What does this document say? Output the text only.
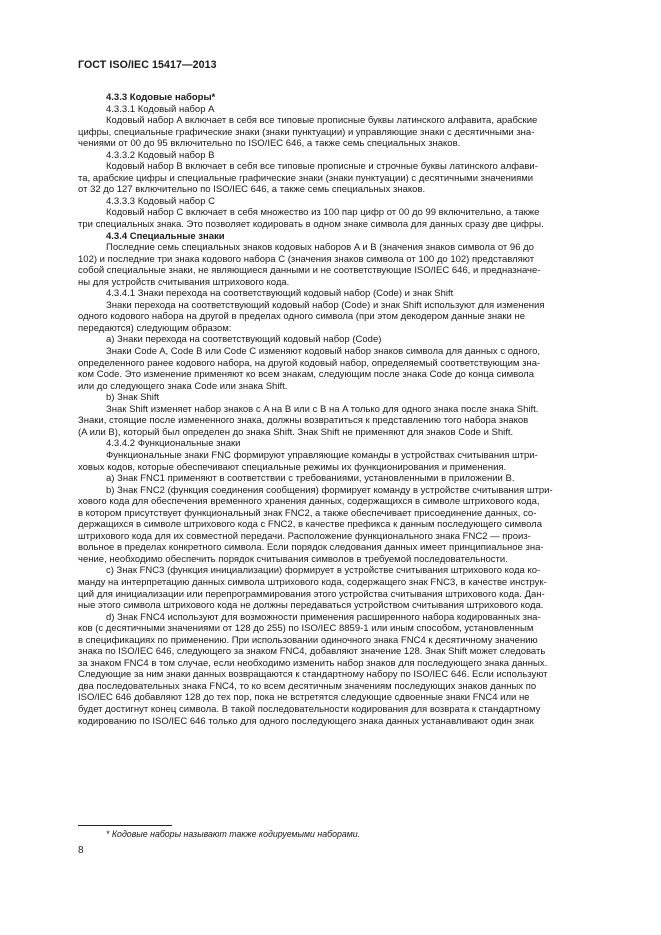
ГОСТ ISO/IEC 15417—2013

4.3.3 Кодовые наборы*

4.3.3.1 Кодовый набор A

Кодовый набор A включает в себя все типовые прописные буквы латинского алфавита, арабские

цифры, специальные графические знаки (знаки пунктуации) и управляющие знаки с десятичными зна-

чениями от 00 до 95 включительно по ISO/IEC 646, а также семь специальных знаков.

4.3.3.2 Кодовый набор B

Кодовый набор B включает в себя все типовые прописные и строчные буквы латинского алфави-

та, арабские цифры и специальные графические знаки (знаки пунктуации) с десятичными значениями

от 32 до 127 включительно по ISO/IEC 646, а также семь специальных знаков.

4.3.3.3 Кодовый набор C

Кодовый набор C включает в себя множество из 100 пар цифр от 00 до 99 включительно, а также

три специальных знака. Это позволяет кодировать в одном знаке символа для данных сразу две цифры.

4.3.4 Специальные знаки

Последние семь специальных знаков кодовых наборов A и B (значения знаков символа от 96 до

102) и последние три знака кодового набора C (значения знаков символа от 100 до 102) представляют

собой специальные знаки, не являющиеся данными и не соответствующие ISO/IEC 646, и предназначе-

ны для устройств считывания штрихового кода.

4.3.4.1 Знаки перехода на соответствующий кодовый набор (Code) и знак Shift

Знаки перехода на соответствующий кодовый набор (Code) и знак Shift используют для изменения

одного кодового набора на другой в пределах одного символа (при этом декодером данные знаки не

передаются) следующим образом:

a) Знаки перехода на соответствующий кодовый набор (Code)

Знаки Code A, Code B или Code C изменяют кодовый набор знаков символа для данных с одного,

определенного ранее кодового набора, на другой кодовый набор, определяемый соответствующим зна-

ком Code. Это изменение применяют ко всем знакам, следующим после знака Code до конца символа

или до следующего знака Code или знака Shift.

b) Знак Shift

Знак Shift изменяет набор знаков с A на B или с B на A только для одного знака после знака Shift.

Знаки, стоящие после измененного знака, должны возвратиться к представлению того набора знаков

(A или B), который был определен до знака Shift. Знак Shift не применяют для знаков Code и Shift.

4.3.4.2 Функциональные знаки

Функциональные знаки FNC формируют управляющие команды в устройствах считывания штри-

ховых кодов, которые обеспечивают специальные режимы их функционирования и применения.

a) Знак FNC1 применяют в соответствии с требованиями, установленными в приложении B.

b) Знак FNC2 (функция соединения сообщения) формирует команду в устройстве считывания штри-

хового кода для обеспечения временного хранения данных, содержащихся в символе штрихового кода,

в котором присутствует функциональный знак FNC2, а также обеспечивает присоединение данных, со-

держащихся в символе штрихового кода с FNC2, в качестве префикса к данным последующего символа

штрихового кода для их совместной передачи. Расположение функционального знака FNC2 — произ-

вольное в пределах конкретного символа. Если порядок следования данных имеет принципиальное зна-

чение, необходимо обеспечить порядок считывания символов в требуемой последовательности.

c) Знак FNC3 (функция инициализации) формирует в устройстве считывания штрихового кода ко-

манду на интерпретацию данных символа штрихового кода, содержащего знак FNC3, в качестве инструк-

ций для инициализации или перепрограммирования этого устройства считывания штрихового кода. Дан-

ные этого символа штрихового кода не должны передаваться устройством считывания штрихового кода.

d) Знак FNC4 используют для возможности применения расширенного набора кодированных зна-

ков (с десятичными значениями от 128 до 255) по ISO/IEC 8859-1 или иным способом, установленным

в спецификациях по применению. При использовании одиночного знака FNC4 к десятичному значению

знака по ISO/IEC 646, следующего за знаком FNC4, добавляют значение 128. Знак Shift может следовать

за знаком FNC4 в том случае, если необходимо изменить набор знаков для последующего знака данных.

Следующие за ним знаки данных возвращаются к стандартному набору по ISO/IEC 646. Если используют

два последовательных знака FNC4, то ко всем десятичным значениям последующих знаков данных по

ISO/IEC 646 добавляют 128 до тех пор, пока не встретятся следующие сдвоенные знаки FNC4 или не

будет достигнут конец символа. В такой последовательности кодирования для возврата к стандартному

кодированию по ISO/IEC 646 только для одного последующего знака данных устанавливают один знак

* Кодовые наборы называют также кодируемыми наборами.
8
